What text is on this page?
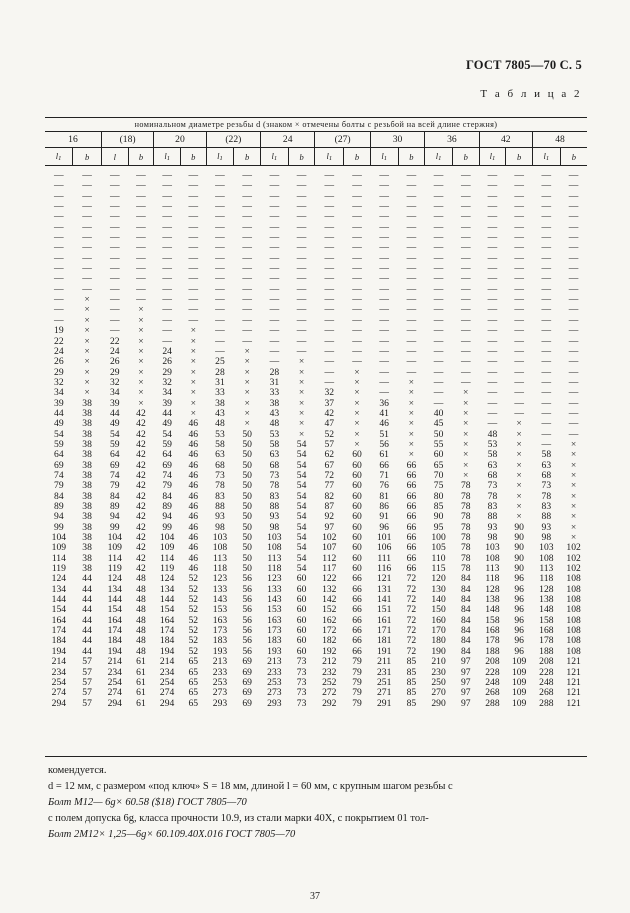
ГОСТ 7805—70 С. 5
Т а б л и ц а 2
номинальном диаметре резьбы d (знаком × отмечены болты с резьбой на всей длине стержня)																			
16		(18)		20		(22)		24		(27)		30		36		42		48	
l1	b	l	b	l1	b	l1	b	l1	b	l1	b	l1	b	l1	b	l1	b	l1	b

—	—	—	—	—	—	—	—	—	—	—	—	—	—	—	—	—	—	—	—
—	—	—	—	—	—	—	—	—	—	—	—	—	—	—	—	—	—	—	—
—	—	—	—	—	—	—	—	—	—	—	—	—	—	—	—	—	—	—	—
—	—	—	—	—	—	—	—	—	—	—	—	—	—	—	—	—	—	—	—
—	—	—	—	—	—	—	—	—	—	—	—	—	—	—	—	—	—	—	—
—	—	—	—	—	—	—	—	—	—	—	—	—	—	—	—	—	—	—	—
—	—	—	—	—	—	—	—	—	—	—	—	—	—	—	—	—	—	—	—
—	—	—	—	—	—	—	—	—	—	—	—	—	—	—	—	—	—	—	—
—	—	—	—	—	—	—	—	—	—	—	—	—	—	—	—	—	—	—	—
—	—	—	—	—	—	—	—	—	—	—	—	—	—	—	—	—	—	—	—
—	—	—	—	—	—	—	—	—	—	—	—	—	—	—	—	—	—	—	—
—	—	—	—	—	—	—	—	—	—	—	—	—	—	—	—	—	—	—	—
—	×	—	—	—	—	—	—	—	—	—	—	—	—	—	—	—	—	—	—
—	×	—	×	—	—	—	—	—	—	—	—	—	—	—	—	—	—	—	—
—	×	—	×	—	—	—	—	—	—	—	—	—	—	—	—	—	—	—	—
19	×	—	×	—	×	—	—	—	—	—	—	—	—	—	—	—	—	—	—
22	×	22	×	—	×	—	—	—	—	—	—	—	—	—	—	—	—	—	—
24	×	24	×	24	×	—	×	—	—	—	—	—	—	—	—	—	—	—	—
26	×	26	×	26	×	25	×	—	×	—	—	—	—	—	—	—	—	—	—
29	×	29	×	29	×	28	×	28	×	—	×	—	—	—	—	—	—	—	—
32	×	32	×	32	×	31	×	31	×	—	×	—	×	—	—	—	—	—	—
34	×	34	×	34	×	33	×	33	×	32	×	—	×	—	×	—	—	—	—
39	38	39	×	39	×	38	×	38	×	37	×	36	×	—	×	—	—	—	—
44	38	44	42	44	×	43	×	43	×	42	×	41	×	40	×	—	—	—	—
49	38	49	42	49	46	48	×	48	×	47	×	46	×	45	×	—	×	—	—
54	38	54	42	54	46	53	50	53	×	52	×	51	×	50	×	48	×	—	—
59	38	59	42	59	46	58	50	58	54	57	×	56	×	55	×	53	×	—	×
64	38	64	42	64	46	63	50	63	54	62	60	61	×	60	×	58	×	58	×
69	38	69	42	69	46	68	50	68	54	67	60	66	66	65	×	63	×	63	×
74	38	74	42	74	46	73	50	73	54	72	60	71	66	70	×	68	×	68	×
79	38	79	42	79	46	78	50	78	54	77	60	76	66	75	78	73	×	73	×
84	38	84	42	84	46	83	50	83	54	82	60	81	66	80	78	78	×	78	×
89	38	89	42	89	46	88	50	88	54	87	60	86	66	85	78	83	×	83	×
94	38	94	42	94	46	93	50	93	54	92	60	91	66	90	78	88	×	88	×
99	38	99	42	99	46	98	50	98	54	97	60	96	66	95	78	93	90	93	×
104	38	104	42	104	46	103	50	103	54	102	60	101	66	100	78	98	90	98	×
109	38	109	42	109	46	108	50	108	54	107	60	106	66	105	78	103	90	103	102
114	38	114	42	114	46	113	50	113	54	112	60	111	66	110	78	108	90	108	102
119	38	119	42	119	46	118	50	118	54	117	60	116	66	115	78	113	90	113	102
124	44	124	48	124	52	123	56	123	60	122	66	121	72	120	84	118	96	118	108
134	44	134	48	134	52	133	56	133	60	132	66	131	72	130	84	128	96	128	108
144	44	144	48	144	52	143	56	143	60	142	66	141	72	140	84	138	96	138	108
154	44	154	48	154	52	153	56	153	60	152	66	151	72	150	84	148	96	148	108
164	44	164	48	164	52	163	56	163	60	162	66	161	72	160	84	158	96	158	108
174	44	174	48	174	52	173	56	173	60	172	66	171	72	170	84	168	96	168	108
184	44	184	48	184	52	183	56	183	60	182	66	181	72	180	84	178	96	178	108
194	44	194	48	194	52	193	56	193	60	192	66	191	72	190	84	188	96	188	108
214	57	214	61	214	65	213	69	213	73	212	79	211	85	210	97	208	109	208	121
234	57	234	61	234	65	233	69	233	73	232	79	231	85	230	97	228	109	228	121
254	57	254	61	254	65	253	69	253	73	252	79	251	85	250	97	248	109	248	121
274	57	274	61	274	65	273	69	273	73	272	79	271	85	270	97	268	109	268	121
294	57	294	61	294	65	293	69	293	73	292	79	291	85	290	97	288	109	288	121

комендуется.

d = 12 мм, с размером «под ключ» S = 18 мм, длиной l = 60 мм, с крупным шагом резьбы с

Болт М12— 6g× 60.58 ($18) ГОСТ 7805—70

с полем допуска 6g, класса прочности 10.9, из стали марки 40Х, с покрытием 01 тол-

Болт 2М12× 1,25—6g× 60.109.40Х.016 ГОСТ 7805—70

37
